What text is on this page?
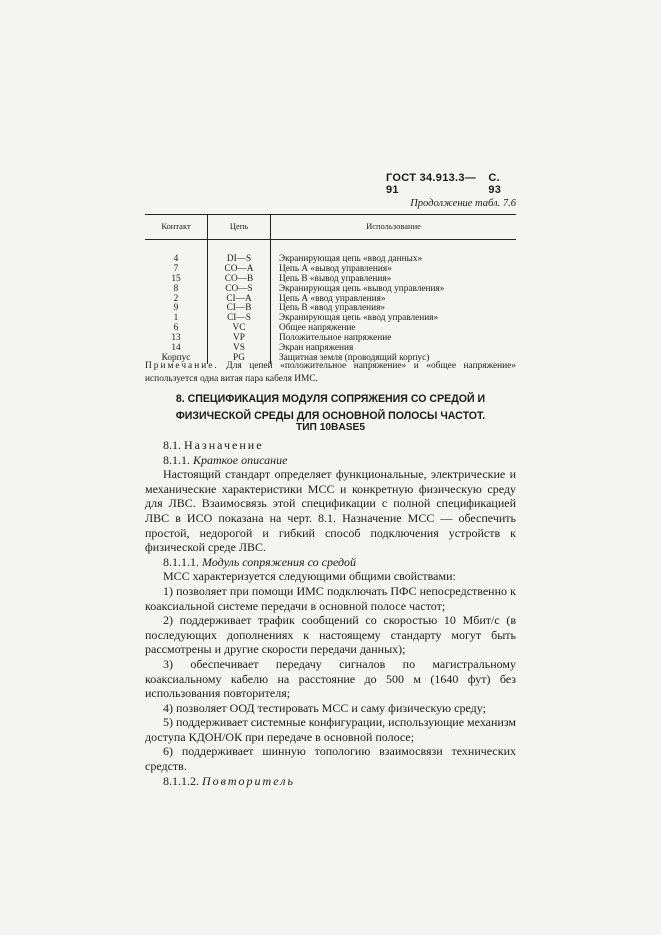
ГОСТ 34.913.3—91
С. 93
Продолжение табл. 7.6
Контакт	Цепь	Использование
4	DI—S	Экранирующая цепь «ввод данных»
7	CO—A	Цепь А «вывод управления»
15	CO—B	Цепь В «вывод управления»
8	CO—S	Экранирующая цепь «вывод управления»
2	CI—A	Цепь А «ввод управления»
9	CI—B	Цепь В «ввод управления»
1	CI—S	Экранирующая цепь «ввод управления»
6	VC	Общее напряжение
13	VP	Положительное напряжение
14	VS	Экран напряжения
Корпус	PG	Защитная земля (проводящий корпус)
Примечание. Для цепей «положительное напряжение» и «общее напряжение» используется одна витая пара кабеля ИМС.
8. СПЕЦИФИКАЦИЯ МОДУЛЯ СОПРЯЖЕНИЯ СО СРЕДОЙ И
ФИЗИЧЕСКОЙ СРЕДЫ ДЛЯ ОСНОВНОЙ ПОЛОСЫ ЧАСТОТ.
ТИП 10BASE5

8.1. Назначение

8.1.1. Краткое описание

Настоящий стандарт определяет функциональные, электрические и механические характеристики МСС и конкретную физическую среду для ЛВС. Взаимосвязь этой спецификации с полной спецификацией ЛВС в ИСО показана на черт. 8.1. Назначение МСС — обеспечить простой, недорогой и гибкий способ подключения устройств к физической среде ЛВС.

8.1.1.1. Модуль сопряжения со средой

МСС характеризуется следующими общими свойствами:

1) позволяет при помощи ИМС подключать ПФС непосредственно к коаксиальной системе передачи в основной полосе частот;

2) поддерживает трафик сообщений со скоростью 10 Мбит/с (в последующих дополнениях к настоящему стандарту могут быть рассмотрены и другие скорости передачи данных);

3) обеспечивает передачу сигналов по магистральному коаксиальному кабелю на расстояние до 500 м (1640 фут) без использования повторителя;

4) позволяет ООД тестировать МСС и саму физическую среду;

5) поддерживает системные конфигурации, использующие механизм доступа КДОН/ОК при передаче в основной полосе;

6) поддерживает шинную топологию взаимосвязи технических средств.

8.1.1.2. Повторитель
